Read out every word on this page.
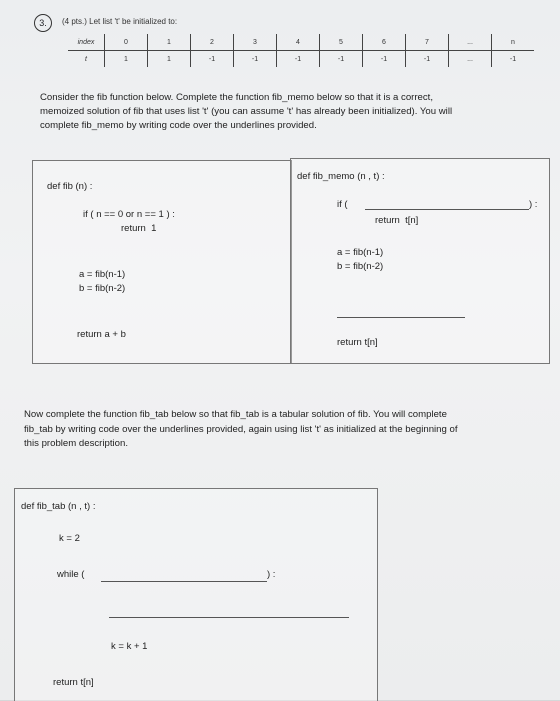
3.	(4 pts.) Let list 't' be initialized to:
index	0	1	2	3	4	5	6	7	...	n
t	1	1	-1	-1	-1	-1	-1	-1	...	-1
Consider the fib function below. Complete the function fib_memo below so that it is a correct,
memoized solution of fib that uses list 't' (you can assume 't' has already been initialized). You will
complete fib_memo by writing code over the underlines provided.
def fib (n) :
if ( n == 0 or n == 1 ) :
return  1
a = fib(n-1)
b = fib(n-2)
return a + b
def fib_memo (n , t) :
if (	) :
return  t[n]
a = fib(n-1)
b = fib(n-2)
return t[n]
Now complete the function fib_tab below so that fib_tab is a tabular solution of fib. You will complete
fib_tab by writing code over the underlines provided, again using list 't' as initialized at the beginning of
this problem description.
def fib_tab (n , t) :
k = 2
while (	) :
k = k + 1
return t[n]
